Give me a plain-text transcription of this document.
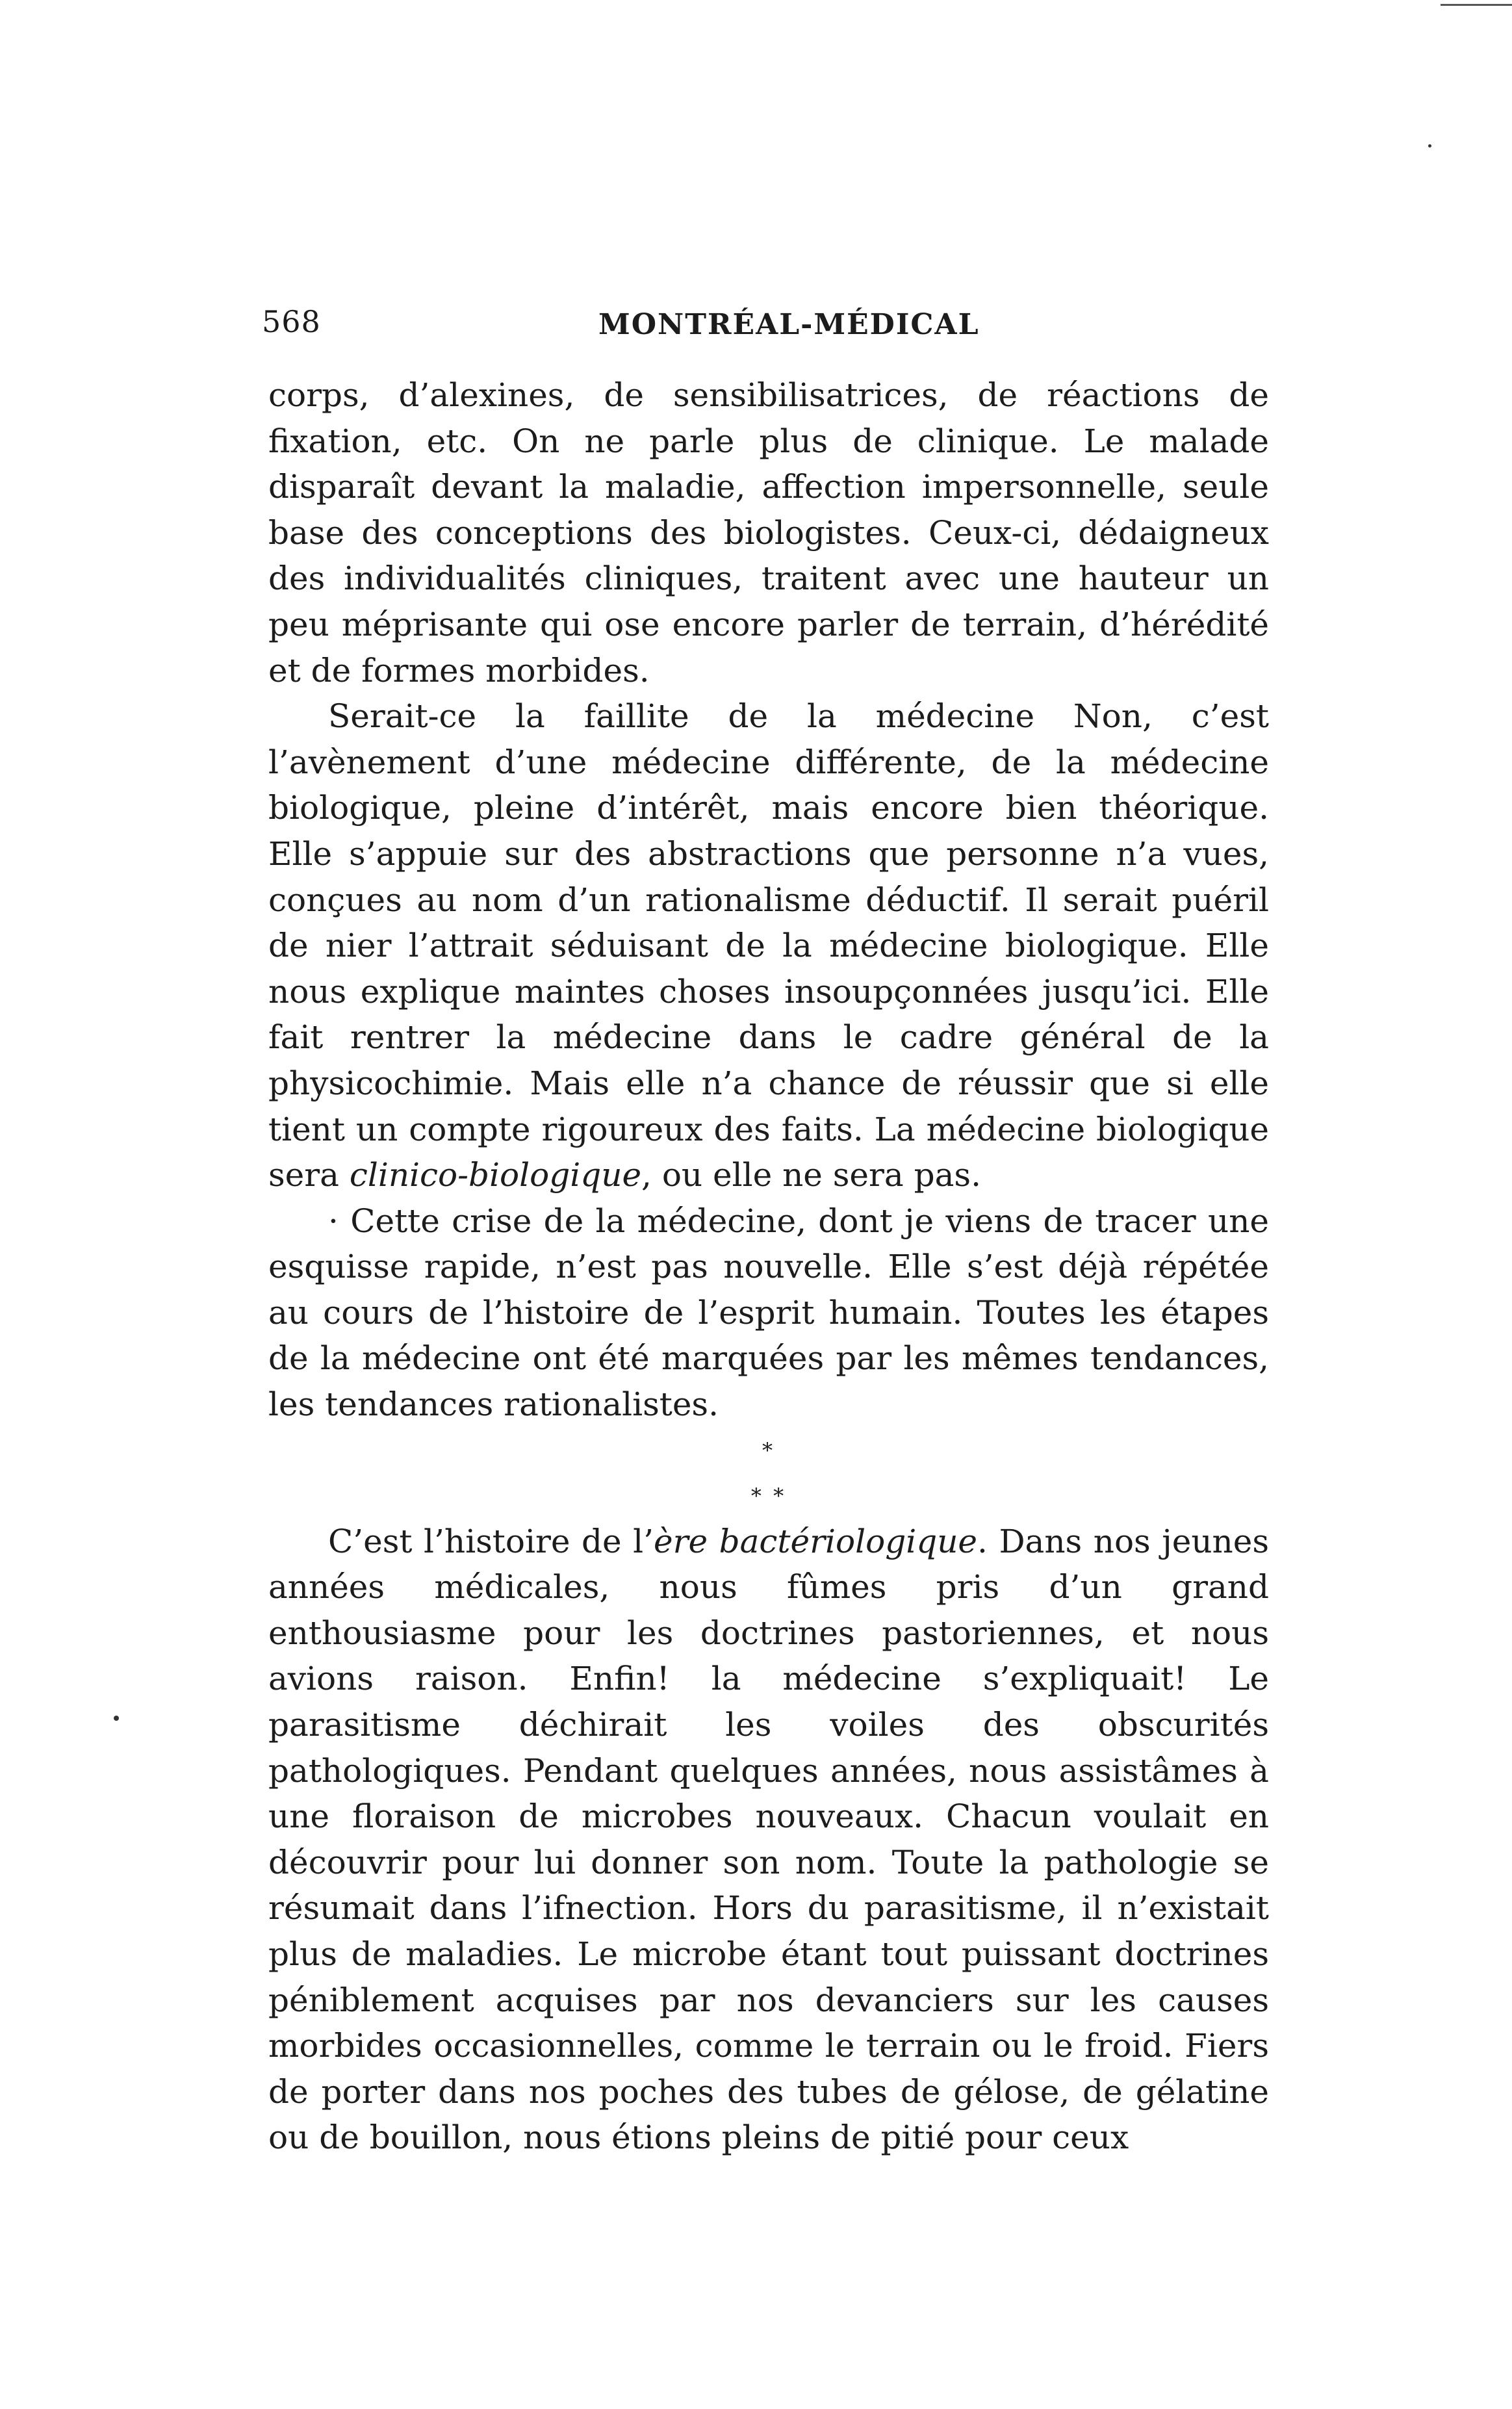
568	MONTRÉAL-MÉDICAL

corps, d’alexines, de sensibilisatrices, de réactions de fixation, etc. On ne parle plus de clinique. Le malade disparaît devant la maladie, affection impersonnelle, seule base des conceptions des biologistes. Ceux-ci, dédaigneux des individualités cliniques, traitent avec une hauteur un peu méprisante qui ose encore parler de terrain, d’hérédité et de formes morbides.

Serait-ce la faillite de la médecine Non, c’est l’avènement d’une médecine différente, de la médecine biologique, pleine d’intérêt, mais encore bien théorique. Elle s’appuie sur des abstractions que personne n’a vues, conçues au nom d’un rationalisme déductif. Il serait puéril de nier l’attrait séduisant de la médecine biologique. Elle nous explique maintes choses insoupçonnées jusqu’ici. Elle fait rentrer la médecine dans le cadre général de la physicochimie. Mais elle n’a chance de réussir que si elle tient un compte rigoureux des faits. La médecine biologique sera clinico-biologique, ou elle ne sera pas.

· Cette crise de la médecine, dont je viens de tracer une esquisse rapide, n’est pas nouvelle. Elle s’est déjà répétée au cours de l’histoire de l’esprit humain. Toutes les étapes de la médecine ont été marquées par les mêmes tendances, les tendances rationalistes.

*
* *

C’est l’histoire de l’ère bactériologique. Dans nos jeunes années médicales, nous fûmes pris d’un grand enthousiasme pour les doctrines pastoriennes, et nous avions raison. Enfin! la médecine s’expliquait! Le parasitisme déchirait les voiles des obscurités pathologiques. Pendant quelques années, nous assistâmes à une floraison de microbes nouveaux. Chacun voulait en découvrir pour lui donner son nom. Toute la pathologie se résumait dans l’ifnection. Hors du parasitisme, il n’existait plus de maladies. Le microbe étant tout puissant doctrines péniblement acquises par nos devanciers sur les causes morbides occasionnelles, comme le terrain ou le froid. Fiers de porter dans nos poches des tubes de gélose, de gélatine ou de bouillon, nous étions pleins de pitié pour ceux
